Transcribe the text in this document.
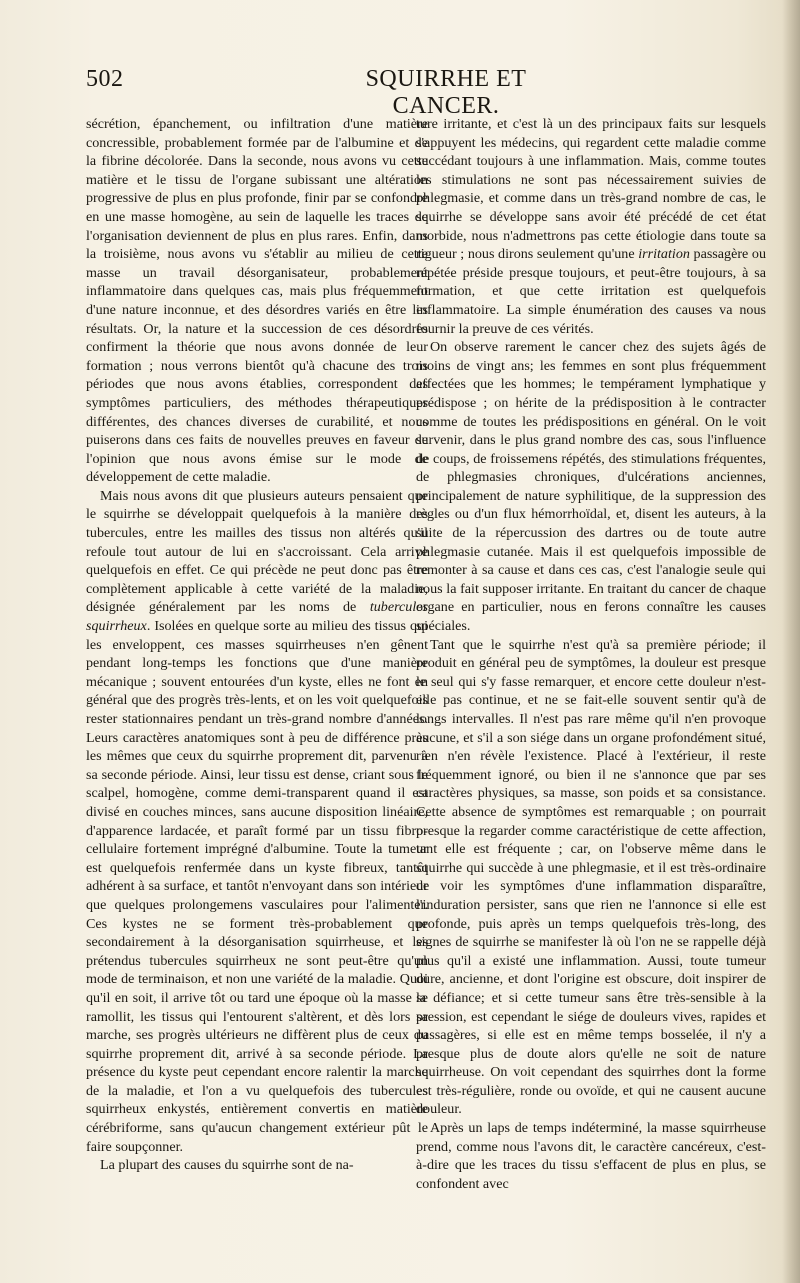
502	SQUIRRHE ET CANCER.

sécrétion, épanchement, ou infiltration d'une matière concressible, probablement formée par de l'albumine et de la fibrine décolorée. Dans la seconde, nous avons vu cette matière et le tissu de l'organe subissant une altération progressive de plus en plus profonde, finir par se confondre en une masse homogène, au sein de laquelle les traces de l'organisation deviennent de plus en plus rares. Enfin, dans la troisième, nous avons vu s'établir au milieu de cette masse un travail désorganisateur, probablement inflammatoire dans quelques cas, mais plus fréquemment d'une nature inconnue, et des désordres variés en être les résultats. Or, la nature et la succession de ces désordres confirment la théorie que nous avons donnée de leur formation ; nous verrons bientôt qu'à chacune des trois périodes que nous avons établies, correspondent des symptômes particuliers, des méthodes thérapeutiques différentes, des chances diverses de curabilité, et nous puiserons dans ces faits de nouvelles preuves en faveur de l'opinion que nous avons émise sur le mode de développement de cette maladie.

Mais nous avons dit que plusieurs auteurs pensaient que le squirrhe se développait quelquefois à la manière des tubercules, entre les mailles des tissus non altérés qu'il refoule tout autour de lui en s'accroissant. Cela arrive quelquefois en effet. Ce qui précède ne peut donc pas être complètement applicable à cette variété de la maladie, désignée généralement par les noms de tubercules squirrheux. Isolées en quelque sorte au milieu des tissus qui les enveloppent, ces masses squirrheuses n'en gênent pendant long-temps les fonctions que d'une manière mécanique ; souvent entourées d'un kyste, elles ne font en général que des progrès très-lents, et on les voit quelquefois rester stationnaires pendant un très-grand nombre d'années. Leurs caractères anatomiques sont à peu de différence près les mêmes que ceux du squirrhe proprement dit, parvenu à sa seconde période. Ainsi, leur tissu est dense, criant sous le scalpel, homogène, comme demi-transparent quand il est divisé en couches minces, sans aucune disposition linéaire, d'apparence lardacée, et paraît formé par un tissu fibro-cellulaire fortement imprégné d'albumine. Toute la tumeur est quelquefois renfermée dans un kyste fibreux, tantôt adhérent à sa surface, et tantôt n'envoyant dans son intérieur que quelques prolongemens vasculaires pour l'alimenter. Ces kystes ne se forment très-probablement que secondairement à la désorganisation squirrheuse, et les prétendus tubercules squirrheux ne sont peut-être qu'un mode de terminaison, et non une variété de la maladie. Quoi qu'il en soit, il arrive tôt ou tard une époque où la masse se ramollit, les tissus qui l'entourent s'altèrent, et dès lors sa marche, ses progrès ultérieurs ne diffèrent plus de ceux du squirrhe proprement dit, arrivé à sa seconde période. La présence du kyste peut cependant encore ralentir la marche de la maladie, et l'on a vu quelquefois des tubercules squirrheux enkystés, entièrement convertis en matière cérébriforme, sans qu'aucun changement extérieur pût le faire soupçonner.

La plupart des causes du squirrhe sont de na-

ture irritante, et c'est là un des principaux faits sur lesquels s'appuyent les médecins, qui regardent cette maladie comme succédant toujours à une inflammation. Mais, comme toutes les stimulations ne sont pas nécessairement suivies de phlegmasie, et comme dans un très-grand nombre de cas, le squirrhe se développe sans avoir été précédé de cet état morbide, nous n'admettrons pas cette étiologie dans toute sa rigueur ; nous dirons seulement qu'une irritation passagère ou répétée préside presque toujours, et peut-être toujours, à sa formation, et que cette irritation est quelquefois inflammatoire. La simple énumération des causes va nous fournir la preuve de ces vérités.

On observe rarement le cancer chez des sujets âgés de moins de vingt ans; les femmes en sont plus fréquemment affectées que les hommes; le tempérament lymphatique y prédispose ; on hérite de la prédisposition à le contracter comme de toutes les prédispositions en général. On le voit survenir, dans le plus grand nombre des cas, sous l'influence de coups, de froissemens répétés, des stimulations fréquentes, de phlegmasies chroniques, d'ulcérations anciennes, principalement de nature syphilitique, de la suppression des règles ou d'un flux hémorrhoïdal, et, disent les auteurs, à la suite de la répercussion des dartres ou de toute autre phlegmasie cutanée. Mais il est quelquefois impossible de remonter à sa cause et dans ces cas, c'est l'analogie seule qui nous la fait supposer irritante. En traitant du cancer de chaque organe en particulier, nous en ferons connaître les causes spéciales.

Tant que le squirrhe n'est qu'à sa première période; il produit en général peu de symptômes, la douleur est presque le seul qui s'y fasse remarquer, et encore cette douleur n'est-elle pas continue, et ne se fait-elle souvent sentir qu'à de longs intervalles. Il n'est pas rare même qu'il n'en provoque aucune, et s'il a son siége dans un organe profondément situé, rien n'en révèle l'existence. Placé à l'extérieur, il reste fréquemment ignoré, ou bien il ne s'annonce que par ses caractères physiques, sa masse, son poids et sa consistance. Cette absence de symptômes est remarquable ; on pourrait presque la regarder comme caractéristique de cette affection, tant elle est fréquente ; car, on l'observe même dans le squirrhe qui succède à une phlegmasie, et il est très-ordinaire de voir les symptômes d'une inflammation disparaître, l'induration persister, sans que rien ne l'annonce si elle est profonde, puis après un temps quelquefois très-long, des signes de squirrhe se manifester là où l'on ne se rappelle déjà plus qu'il a existé une inflammation. Aussi, toute tumeur dure, ancienne, et dont l'origine est obscure, doit inspirer de la défiance; et si cette tumeur sans être très-sensible à la pression, est cependant le siége de douleurs vives, rapides et passagères, si elle est en même temps bosselée, il n'y a presque plus de doute alors qu'elle ne soit de nature squirrheuse. On voit cependant des squirrhes dont la forme est très-régulière, ronde ou ovoïde, et qui ne causent aucune douleur.

Après un laps de temps indéterminé, la masse squirrheuse prend, comme nous l'avons dit, le caractère cancéreux, c'est-à-dire que les traces du tissu s'effacent de plus en plus, se confondent avec
